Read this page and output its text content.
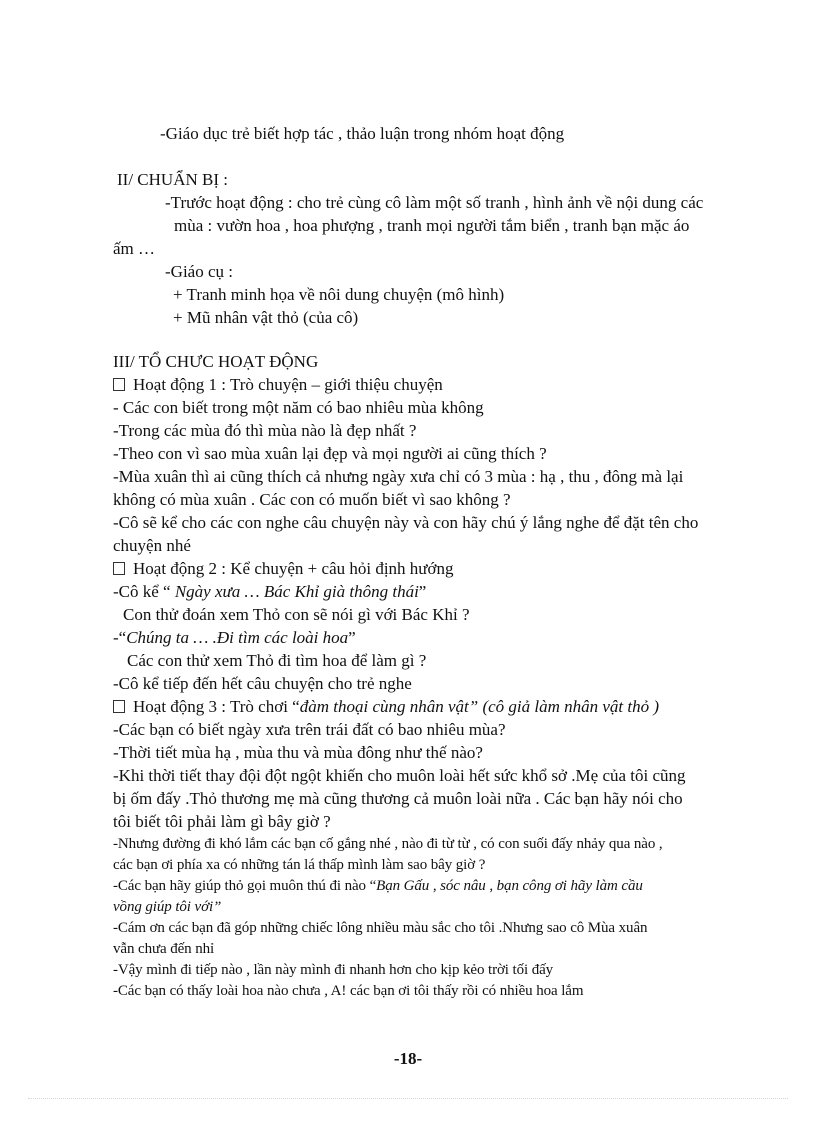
-Giáo dục trẻ biết hợp tác , thảo luận trong nhóm hoạt động
II/ CHUẨN BỊ :
-Trước hoạt động : cho trẻ cùng cô làm một số tranh , hình ảnh về nội dung các
mùa : vườn hoa , hoa phượng , tranh mọi người tắm biển , tranh bạn mặc áo
ấm …
-Giáo cụ :
+ Tranh minh họa về nôi dung chuyện (mô hình)
+ Mũ nhân vật thỏ (của cô)
III/ TỔ CHƯC HOẠT ĐỘNG
Hoạt động 1 : Trò chuyện – giới thiệu chuyện
- Các con biết trong một năm có bao nhiêu mùa không
-Trong các mùa đó thì mùa nào là đẹp nhất ?
-Theo con vì sao mùa xuân lại đẹp và mọi người ai cũng thích ?
-Mùa xuân thì ai cũng thích cả nhưng ngày xưa chỉ có 3 mùa : hạ , thu , đông mà lại
không có mùa xuân . Các con có muốn biết vì sao không ?
-Cô sẽ kể cho các con nghe câu chuyện này và con hãy chú ý lắng nghe để đặt tên cho
chuyện nhé
Hoạt động 2 : Kể chuyện + câu hỏi định hướng
-Cô kể “ Ngày xưa … Bác Khỉ già thông thái”
Con thử đoán xem Thỏ con sẽ nói gì với Bác Khỉ ?
-“Chúng ta … .Đi tìm các loài hoa”
Các con thử xem Thỏ đi tìm hoa để làm gì ?
-Cô kể tiếp đến hết câu chuyện cho trẻ nghe
Hoạt động 3 : Trò chơi “đàm thoại cùng nhân vật” (cô giả làm nhân vật thỏ )
-Các bạn có biết ngày xưa trên trái đất có bao nhiêu mùa?
-Thời tiết mùa hạ , mùa thu và mùa đông như thế nào?
-Khi thời tiết thay đội đột ngột khiến cho muôn loài hết sức khổ sở .Mẹ của tôi cũng
bị ốm đấy .Thỏ thương mẹ mà cũng thương cả muôn loài nữa . Các bạn hãy nói cho
tôi biết tôi phải làm gì bây giờ ?
-Nhưng đường đi khó lắm các bạn cố gắng nhé , nào đi từ từ , có con suối đấy nhảy qua nào ,
các bạn ơi phía xa có những tán lá thấp mình làm sao bây giờ ?
-Các bạn hãy giúp thỏ gọi muôn thú đi nào “Bạn Gấu , sóc nâu , bạn công ơi hãy làm cầu
vồng giúp tôi với”
-Cám ơn các bạn đã góp những chiếc lông nhiều màu sắc cho tôi .Nhưng sao cô Mùa xuân
vẫn chưa đến nhỉ
-Vậy mình đi tiếp nào , lần này mình đi nhanh hơn cho kịp kẻo trời tối đấy
-Các bạn có thấy loài hoa nào chưa , A! các bạn ơi tôi thấy rồi có nhiều hoa lắm
-18-
